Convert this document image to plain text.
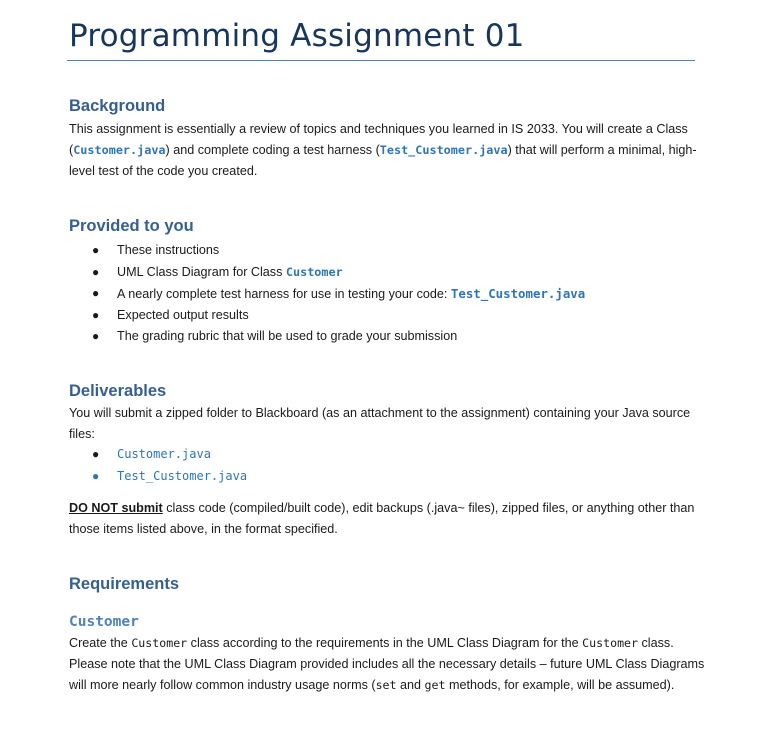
Programming Assignment 01
Background

This assignment is essentially a review of topics and techniques you learned in IS 2033. You will create a Class (Customer.java) and complete coding a test harness (Test_Customer.java) that will perform a minimal, high-level test of the code you created.

Provided to you
● These instructions
● UML Class Diagram for Class Customer
● A nearly complete test harness for use in testing your code: Test_Customer.java
● Expected output results
● The grading rubric that will be used to grade your submission
Deliverables

You will submit a zipped folder to Blackboard (as an attachment to the assignment) containing your Java source files:

● Customer.java
● Test_Customer.java

DO NOT submit class code (compiled/built code), edit backups (.java~ files), zipped files, or anything other than those items listed above, in the format specified.

Requirements
Customer

Create the Customer class according to the requirements in the UML Class Diagram for the Customer class. Please note that the UML Class Diagram provided includes all the necessary details – future UML Class Diagrams will more nearly follow common industry usage norms (set and get methods, for example, will be assumed).
